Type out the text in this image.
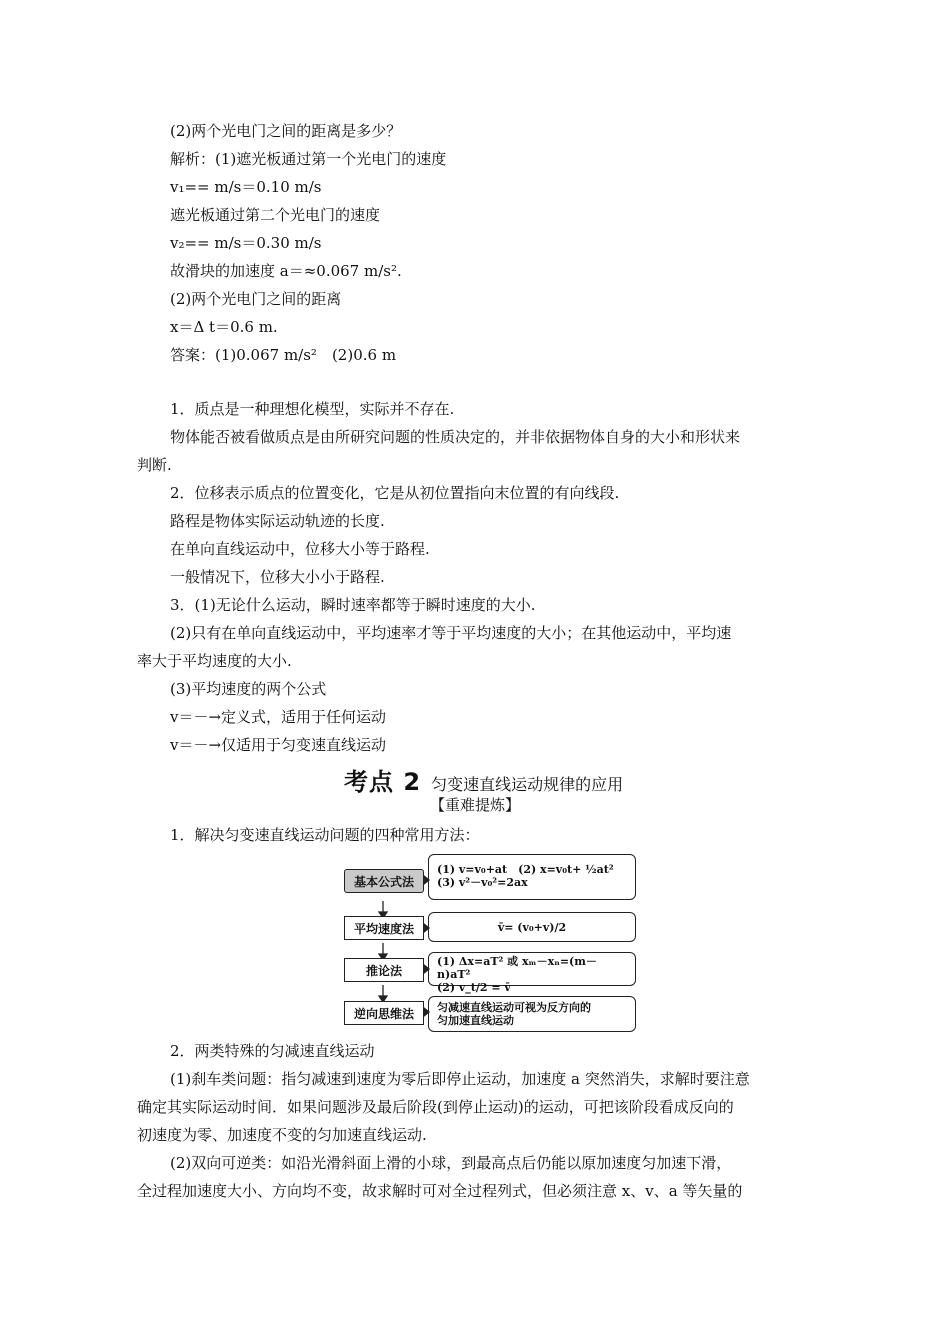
(2)两个光电门之间的距离是多少？
解析：(1)遮光板通过第一个光电门的速度
v₁== m/s＝0.10 m/s
遮光板通过第二个光电门的速度
v₂== m/s＝0.30 m/s
故滑块的加速度 a＝≈0.067 m/s².
(2)两个光电门之间的距离
x＝Δ t＝0.6 m.
答案：(1)0.067 m/s²　(2)0.6 m
1．质点是一种理想化模型，实际并不存在.
物体能否被看做质点是由所研究问题的性质决定的，并非依据物体自身的大小和形状来
判断.
2．位移表示质点的位置变化，它是从初位置指向末位置的有向线段.
路程是物体实际运动轨迹的长度.
在单向直线运动中，位移大小等于路程.
一般情况下，位移大小小于路程.
3．(1)无论什么运动，瞬时速率都等于瞬时速度的大小.
(2)只有在单向直线运动中，平均速率才等于平均速度的大小；在其他运动中，平均速
率大于平均速度的大小.
(3)平均速度的两个公式
v＝－→定义式，适用于任何运动
v＝－→仅适用于匀变速直线运动
考点 2 匀变速直线运动规律的应用
【重难提炼】
1．解决匀变速直线运动问题的四种常用方法：
基本公式法
平均速度法
推论法
逆向思维法
(1) v=v₀+at　(2) x=v₀t+ ½at²
(3) v²－v₀²=2ax
v̄= (v₀+v)/2
(1) Δx=aT² 或 xₘ－xₙ=(m－n)aT²
(2) v_t/2 = v̄
匀减速直线运动可视为反方向的
匀加速直线运动
2．两类特殊的匀减速直线运动
(1)刹车类问题：指匀减速到速度为零后即停止运动，加速度 a 突然消失，求解时要注意
确定其实际运动时间．如果问题涉及最后阶段(到停止运动)的运动，可把该阶段看成反向的
初速度为零、加速度不变的匀加速直线运动.
(2)双向可逆类：如沿光滑斜面上滑的小球，到最高点后仍能以原加速度匀加速下滑，
全过程加速度大小、方向均不变，故求解时可对全过程列式，但必须注意 x、v、a 等矢量的
